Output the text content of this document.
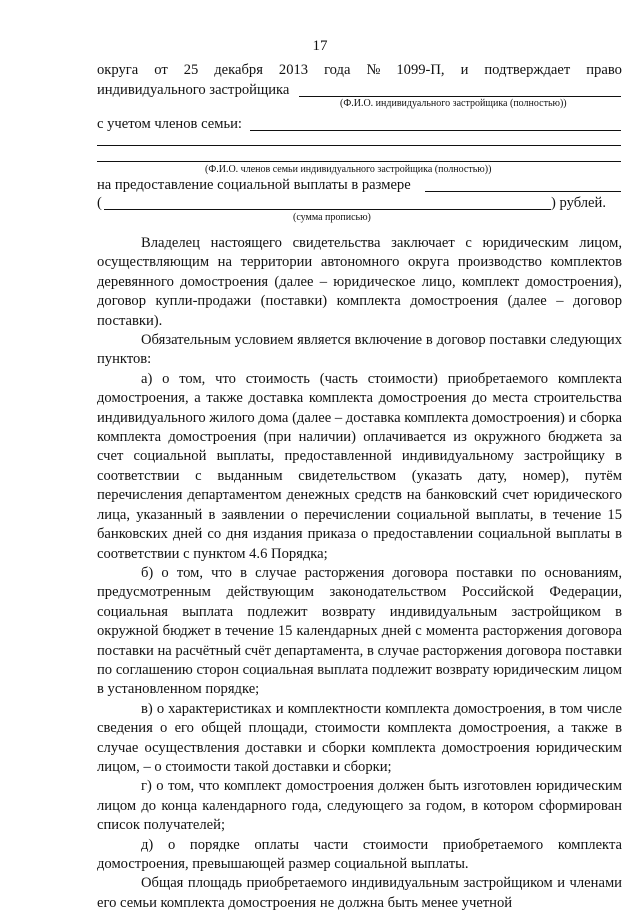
17
округа от 25 декабря 2013 года № 1099-П, и подтверждает право
индивидуального застройщика
(Ф.И.О. индивидуального застройщика (полностью))
с учетом членов семьи:
(Ф.И.О. членов семьи индивидуального застройщика (полностью))
на предоставление социальной выплаты в размере
(	) рублей.
(сумма прописью)

Владелец настоящего свидетельства заключает с юридическим лицом, осуществляющим на территории автономного округа производство комплектов деревянного домостроения (далее – юридическое лицо, комплект домостроения), договор купли-продажи (поставки) комплекта домостроения (далее – договор поставки).

Обязательным условием является включение в договор поставки следующих пунктов:

а) о том, что стоимость (часть стоимости) приобретаемого комплекта домостроения, а также доставка комплекта домостроения до места строительства индивидуального жилого дома (далее – доставка комплекта домостроения) и сборка комплекта домостроения (при наличии) оплачивается из окружного бюджета за счет социальной выплаты, предоставленной индивидуальному застройщику в соответствии с выданным свидетельством (указать дату, номер), путём перечисления департаментом денежных средств на банковский счет юридического лица, указанный в заявлении о перечислении социальной выплаты, в течение 15 банковских дней со дня издания приказа о предоставлении социальной выплаты в соответствии с пунктом 4.6 Порядка;

б) о том, что в случае расторжения договора поставки по основаниям, предусмотренным действующим законодательством Российской Федерации, социальная выплата подлежит возврату индивидуальным застройщиком в окружной бюджет в течение 15 календарных дней с момента расторжения договора поставки на расчётный счёт департамента, в случае расторжения договора поставки по соглашению сторон социальная выплата подлежит возврату юридическим лицом в установленном порядке;

в) о характеристиках и комплектности комплекта домостроения, в том числе сведения о его общей площади, стоимости комплекта домостроения, а также в случае осуществления доставки и сборки комплекта домостроения юридическим лицом, – о стоимости такой доставки и сборки;

г) о том, что комплект домостроения должен быть изготовлен юридическим лицом до конца календарного года, следующего за годом, в котором сформирован список получателей;

д) о порядке оплаты части стоимости приобретаемого комплекта домостроения, превышающей размер социальной выплаты.

Общая площадь приобретаемого индивидуальным застройщиком и членами его семьи комплекта домостроения не должна быть менее учетной
